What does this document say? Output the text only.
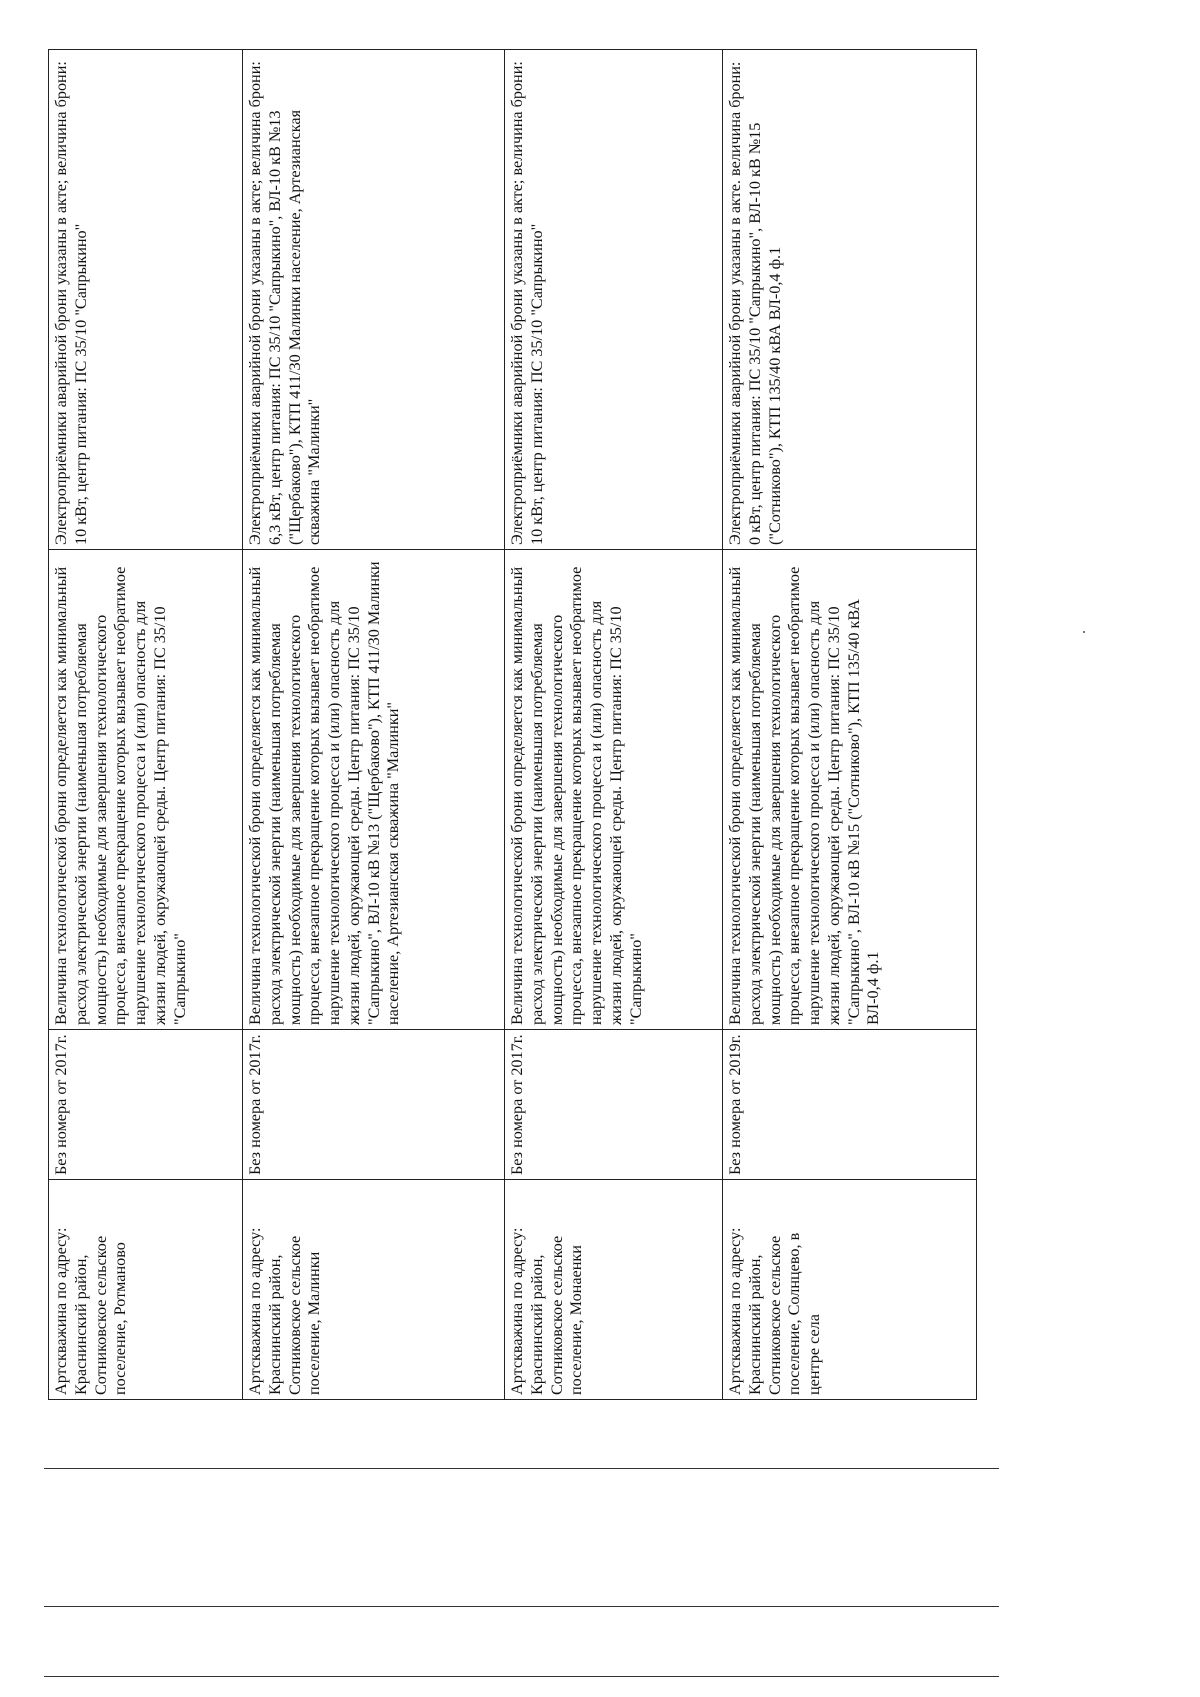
Артскважина по адресу: Краснинский район, Сотниковское сельское поселение, Ротманово	Без номера от 2017г.	Величина технологической брони определяется как минимальный расход электрической энергии (наименьшая потребляемая мощность) необходимые для завершения технологического процесса, внезапное прекращение которых вызывает необратимое нарушение технологического процесса и (или) опасность для жизни людей, окружающей среды. Центр питания: ПС 35/10 "Сапрыкино"	Электроприёмники аварийной брони указаны в акте; величина брони: 10 кВт, центр питания: ПС 35/10 "Сапрыкино"
Артскважина по адресу: Краснинский район, Сотниковское сельское поселение, Малинки	Без номера от 2017г.	Величина технологической брони определяется как минимальный расход электрической энергии (наименьшая потребляемая мощность) необходимые для завершения технологического процесса, внезапное прекращение которых вызывает необратимое нарушение технологического процесса и (или) опасность для жизни людей, окружающей среды. Центр питания: ПС 35/10 "Сапрыкино", ВЛ-10 кВ №13 ("Щербаково"), КТП 411/30 Малинки население, Артезианская скважина "Малинки"	Электроприёмники аварийной брони указаны в акте; величина брони: 6,3 кВт, центр питания: ПС 35/10 "Сапрыкино", ВЛ-10 кВ №13 ("Щербаково"), КТП 411/30 Малинки население, Артезианская скважина "Малинки"
Артскважина по адресу: Краснинский район, Сотниковское сельское поселение, Монаенки	Без номера от 2017г.	Величина технологической брони определяется как минимальный расход электрической энергии (наименьшая потребляемая мощность) необходимые для завершения технологического процесса, внезапное прекращение которых вызывает необратимое нарушение технологического процесса и (или) опасность для жизни людей, окружающей среды. Центр питания: ПС 35/10 "Сапрыкино"	Электроприёмники аварийной брони указаны в акте; величина брони: 10 кВт, центр питания: ПС 35/10 "Сапрыкино"
Артскважина по адресу: Краснинский район, Сотниковское сельское поселение, Солнцево, в центре села	Без номера от 2019г.	Величина технологической брони определяется как минимальный расход электрической энергии (наименьшая потребляемая мощность) необходимые для завершения технологического процесса, внезапное прекращение которых вызывает необратимое нарушение технологического процесса и (или) опасность для жизни людей, окружающей среды. Центр питания: ПС 35/10 "Сапрыкино", ВЛ-10 кВ №15 ("Сотниково"), КТП 135/40 кВА ВЛ-0,4 ф.1	Электроприёмники аварийной брони указаны в акте. величина брони: 0 кВт, центр питания: ПС 35/10 "Сапрыкино", ВЛ-10 кВ №15 ("Сотниково"), КТП 135/40 кВА ВЛ-0,4 ф.1
